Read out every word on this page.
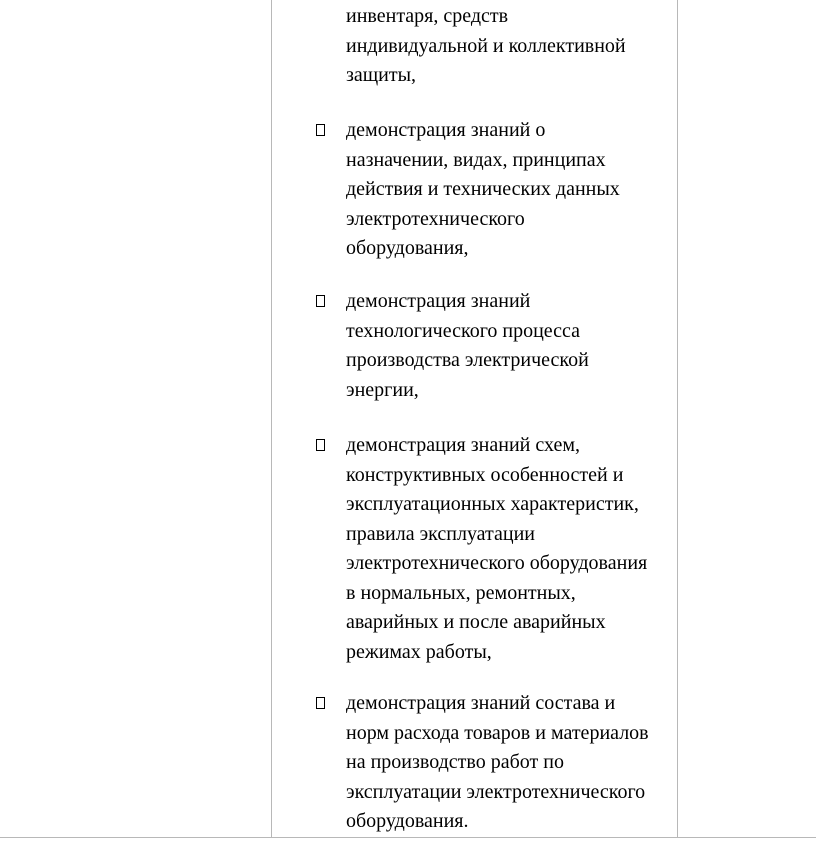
инвентаря, средств
индивидуальной и коллективной
защиты,
демонстрация знаний о
назначении, видах, принципах
действия и технических данных
электротехнического
оборудования,
демонстрация знаний
технологического процесса
производства электрической
энергии,
демонстрация знаний схем,
конструктивных особенностей и
эксплуатационных характеристик,
правила эксплуатации
электротехнического оборудования
в нормальных, ремонтных,
аварийных и после аварийных
режимах работы,
демонстрация знаний состава и
норм расхода товаров и материалов
на производство работ по
эксплуатации электротехнического
оборудования.
